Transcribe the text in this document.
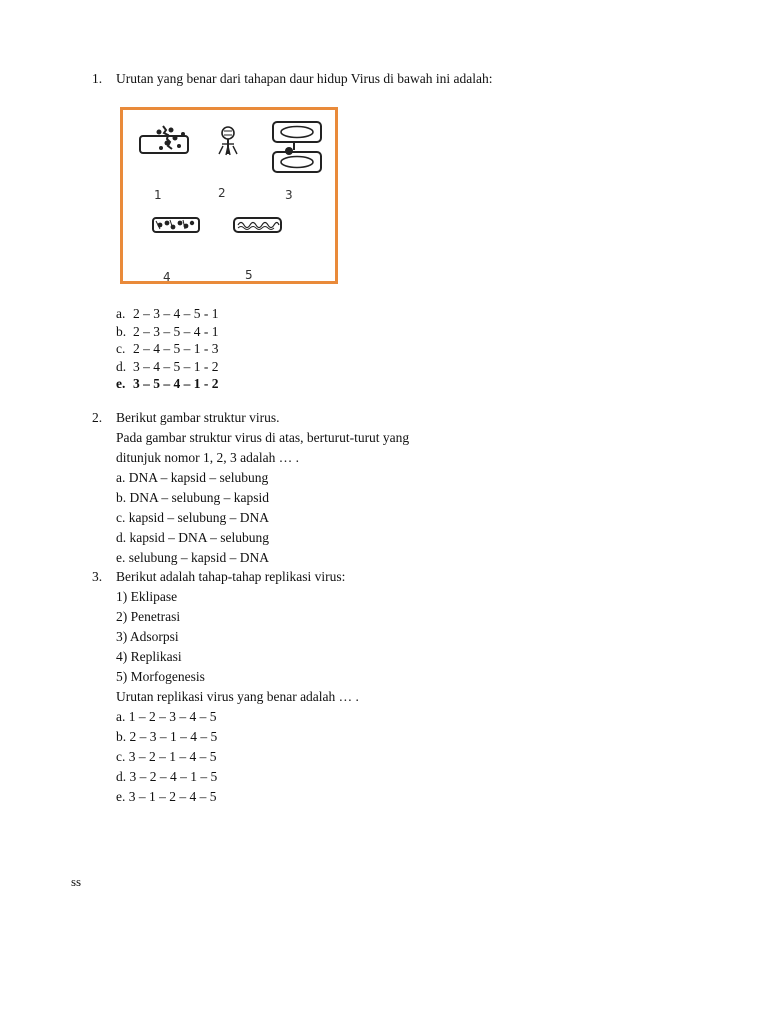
1.	Urutan yang benar dari tahapan daur hidup Virus di bawah ini adalah:
1	2	3
4	5
a. 2 – 3 – 4 – 5 - 1
b. 2 – 3 – 5 – 4 - 1
c. 2 – 4 – 5 – 1 - 3
d. 3 – 4 – 5 – 1 - 2
e. 3 – 5 – 4 – 1 - 2
2.	Berikut gambar struktur virus.
Pada gambar struktur virus di atas, berturut-turut yang
ditunjuk nomor 1, 2, 3 adalah … .
a. DNA – kapsid – selubung
b. DNA – selubung – kapsid
c. kapsid – selubung – DNA
d. kapsid – DNA – selubung
e. selubung – kapsid – DNA
3.	Berikut adalah tahap-tahap replikasi virus:
1) Eklipase
2) Penetrasi
3) Adsorpsi
4) Replikasi
5) Morfogenesis
Urutan replikasi virus yang benar adalah … .
a. 1 – 2 – 3 – 4 – 5
b. 2 – 3 – 1 – 4 – 5
c. 3 – 2 – 1 – 4 – 5
d. 3 – 2 – 4 – 1 – 5
e. 3 – 1 – 2 – 4 – 5
ss
